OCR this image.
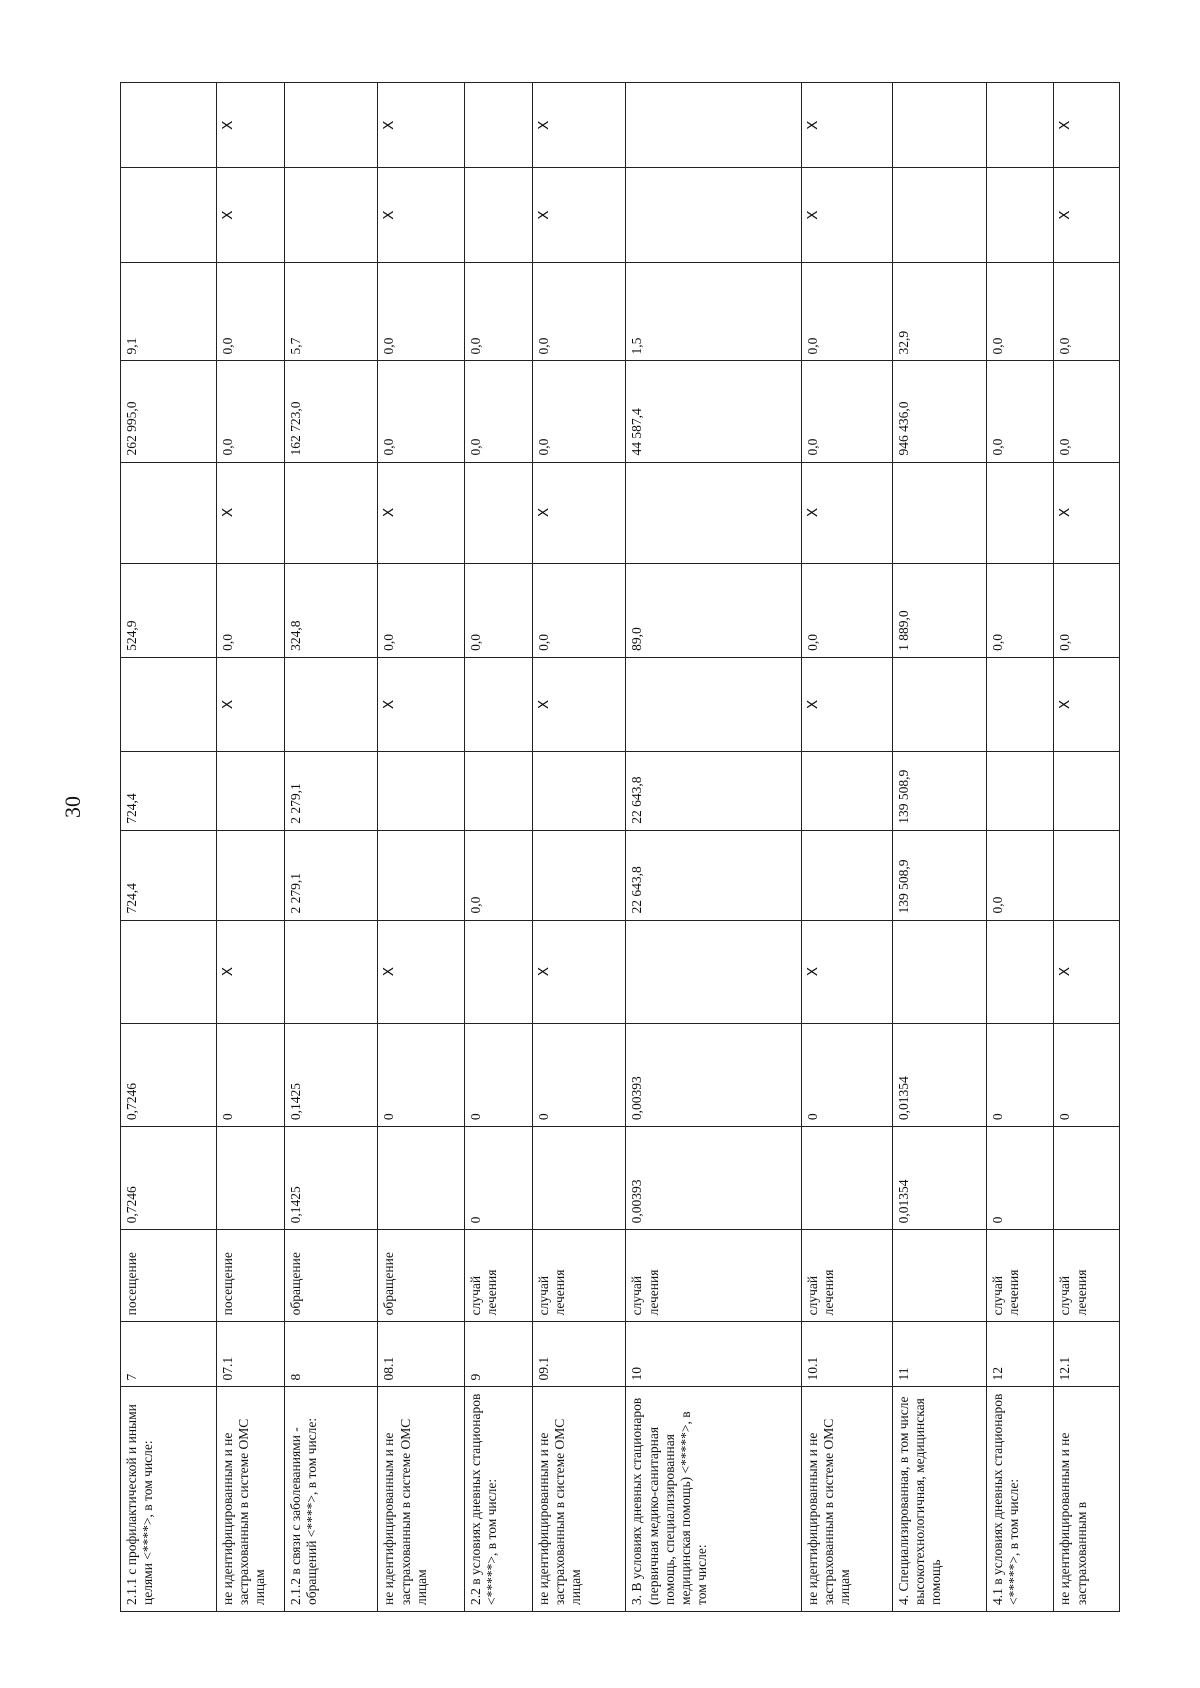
30
2.1.1 с профилактической и иными целями <****>, в том числе:	7	посещение	0,7246	0,7246		724,4	724,4		524,9		262 995,0	9,1		
не идентифицированным и не застрахованным в системе ОМС лицам	07.1	посещение		0	X			X	0,0	X	0,0	0,0	X	X
2.1.2 в связи с заболеваниями - обращений <****>, в том числе:	8	обращение	0,1425	0,1425		2 279,1	2 279,1		324,8		162 723,0	5,7		
не идентифицированным и не застрахованным в системе ОМС лицам	08.1	обращение		0	X			X	0,0	X	0,0	0,0	X	X
2.2 в условиях дневных стационаров <*****>, в том числе:	9	случай лечения	0	0		0,0			0,0		0,0	0,0		
не идентифицированным и не застрахованным в системе ОМС лицам	09.1	случай лечения		0	X			X	0,0	X	0,0	0,0	X	X
3. В условиях дневных стационаров (первичная медико-санитарная помощь, специализированная медицинская помощь) <*****>, в том числе:	10	случай лечения	0,00393	0,00393		22 643,8	22 643,8		89,0		44 587,4	1,5		
не идентифицированным и не застрахованным в системе ОМС лицам	10.1	случай лечения		0	X			X	0,0	X	0,0	0,0	X	X
4. Специализированная, в том числе высокотехнологичная, медицинская помощь	11		0,01354	0,01354		139 508,9	139 508,9		1 889,0		946 436,0	32,9		
4.1 в условиях дневных стационаров <*****>, в том числе:	12	случай лечения	0	0		0,0			0,0		0,0	0,0		
не идентифицированным и не застрахованным в	12.1	случай лечения		0	X			X	0,0	X	0,0	0,0	X	X
